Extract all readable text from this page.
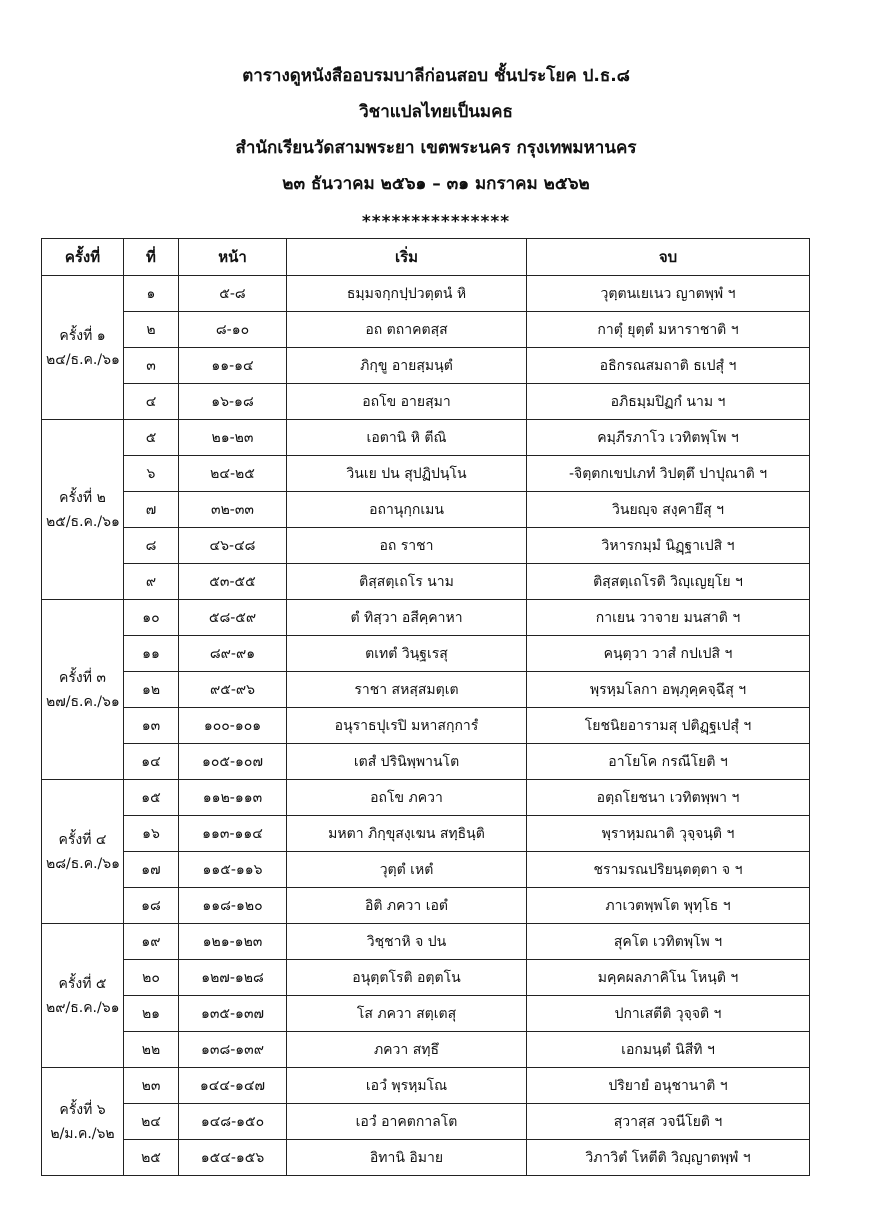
ตารางดูหนังสืออบรมบาลีก่อนสอบ ชั้นประโยค ป.ธ.๘
วิชาแปลไทยเป็นมคธ
สำนักเรียนวัดสามพระยา เขตพระนคร กรุงเทพมหานคร
๒๓ ธันวาคม ๒๕๖๑ – ๓๑ มกราคม ๒๕๖๒
***************
ครั้งที่	ที่	หน้า	เริ่ม	จบ

ครั้งที่ ๑
๒๔/ธ.ค./๖๑	๑	๕-๘	ธมฺมจกฺกปฺปวตฺตนํ หิ	วุตฺตนเยเนว ญาตพฺพํ ฯ
	๒	๘-๑๐	อถ ตถาคตสฺส	กาตุํ ยุตฺตํ มหาราชาติ ฯ
	๓	๑๑-๑๔	ภิกฺขู อายสฺมนฺตํ	อธิกรณสมถาติ ธเปสุํ ฯ
	๔	๑๖-๑๘	อถโข อายสฺมา	อภิธมฺมปิฏกํ นาม ฯ

ครั้งที่ ๒
๒๕/ธ.ค./๖๑	๕	๒๑-๒๓	เอตานิ หิ ตีณิ	คมฺภีรภาโว เวทิตพฺโพ ฯ
	๖	๒๔-๒๕	วินเย ปน สุปฏิปนฺโน	-จิตฺตกเขปเภทํ วิปตฺตึ ปาปุณาติ ฯ
	๗	๓๒-๓๓	อถานุกฺกเมน	วินยญฺจ สงฺคายึสุ ฯ
	๘	๔๖-๔๘	อถ ราชา	วิหารกมฺมํ นิฏฺฐาเปสิ ฯ
	๙	๕๓-๕๕	ติสฺสตฺเถโร นาม	ติสฺสตฺเถโรติ วิญฺเญยฺโย ฯ

ครั้งที่ ๓
๒๗/ธ.ค./๖๑	๑๐	๕๘-๕๙	ตํ ทิสฺวา อสีคฺคาหา	กาเยน วาจาย มนสาติ ฯ
	๑๑	๘๙-๙๑	ตเทตํ วินฺฐเรสุ	คนฺตฺวา วาสํ กปเปสิ ฯ
	๑๒	๙๕-๙๖	ราชา สหสฺสมตฺเต	พฺรหฺมโลกา อพฺภุคฺคจฺฉึสุ ฯ
	๑๓	๑๐๐-๑๐๑	อนุราธปุเรปิ มหาสกฺการํ	โยชนิยอารามสุ ปติฏฺฐเปสุํ ฯ
	๑๔	๑๐๕-๑๐๗	เตสํ ปรินิพฺพานโต	อาโยโค กรณีโยติ ฯ

ครั้งที่ ๔
๒๘/ธ.ค./๖๑	๑๕	๑๑๒-๑๑๓	อถโข ภควา	อตฺถโยชนา เวทิตพฺพา ฯ
	๑๖	๑๑๓-๑๑๔	มหตา ภิกฺขุสงฺเฆน สทฺธินฺติ	พฺราหฺมณาติ วุจฺจนฺติ ฯ
	๑๗	๑๑๕-๑๑๖	วุตฺตํ เหตํ	ชรามรณปริยนฺตตฺตา จ ฯ
	๑๘	๑๑๘-๑๒๐	อิติ ภควา เอตํ	ภาเวตพฺพโต พุทฺโธ ฯ

ครั้งที่ ๕
๒๙/ธ.ค./๖๑	๑๙	๑๒๑-๑๒๓	วิชฺชาหิ จ ปน	สุคโต เวทิตพฺโพ ฯ
	๒๐	๑๒๗-๑๒๘	อนุตฺตโรติ อตฺตโน	มคฺคผลภาคิโน โหนฺติ ฯ
	๒๑	๑๓๕-๑๓๗	โส ภควา สตฺเตสุ	ปกาเสตีติ วุจฺจติ ฯ
	๒๒	๑๓๘-๑๓๙	ภควา สทฺธึ	เอกมนฺตํ นิสีทิ ฯ

ครั้งที่ ๖
๒/ม.ค./๖๒	๒๓	๑๔๔-๑๔๗	เอวํ พฺรหฺมโณ	ปริยายํ อนุชานาติ ฯ
	๒๔	๑๔๘-๑๕๐	เอวํ อาคตกาลโต	สฺวาสฺส วจนีโยติ ฯ
	๒๕	๑๕๔-๑๕๖	อิทานิ อิมาย	วิภาวิตํ โหตีติ วิญฺญาตพฺพํ ฯ
